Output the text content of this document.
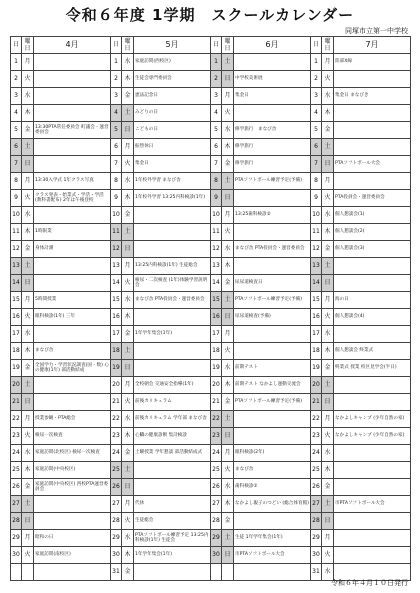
令和６年度 1学期　スクールカレンダー
同塚市立第一中学校
日	曜日	4月	日	曜日	5月	日	曜日	6月	日	曜日	7月
1	月		1	水	家庭訪問(西校区)	1	土		1	月	陸部X線
2	火		2	木	生徒会専門委員会	2	日	中学校美術展	2	火	
3	水		3	金	憲法記念日	3	月	集金日	3	水	集金日 まなびき
4	木		4	土	みどりの日	4	火		4	木	
5	金	13:30PTA常任委員会 町議会・運営委員会	5	日	こどもの日	5	水	修学旅行　まなび舎	5	金	
6	土		6	月	振替休日	6	木	修学旅行	6	土	
7	日		7	火	集金日	7	金	修学旅行	7	日	PTAソフトボール大会
8	月	13:30入学式 1年クラス写真	8	水	1年校外学習 まなび舎	8	土	PTAソフトボール練習予定(予備)	8	月	
9	火	クラス発表・始業式・学活・学活(教科書配布) 2年は午後登校	9	木	1年校外学習 13:25内科検診(1年)	9	日		9	火	PTA役員会・運営委員会
10	水		10	金		10	月	13:25歯科検診②	10	水	個人懇談会(1)
11	木	1時限業	11	土		11	火		11	木	個人懇談会(2)
12	金	身体計測	12	日		12	水	まなび舎 PTA役員会・運営委員会	12	金	個人懇談会(3)
13	土		13	月	13:25内科検診(1年) 生徒総会	13	木		13	土	
14	日		14	火	検尿・二次検査 (1年)体験学習説明会	14	金	尿尿道検査日	14	日	
15	月	5時間授業	15	水	まなび舎 PTA役員会・運営委員会	15	土	PTAソフトボール練習予定(予備)	15	月	海の日
16	火	眼科検診(1年) 三年	16	木		16	日	尿尿道検査(予備)	16	火	個人懇談会(4)
17	水		17	金	1年学年集会(1年)	17	月		17	水	
18	木	まなび舎	18	土		18	火		18	木	個人懇談会 終業式
19	金	全国学力・学習状況調査(国・数) 心の健康(1年) 部活動結成	19	日		19	水	前期テスト	19	金	終業式 授業 校区見学会(半日)
20	土		20	月	全校朝会 交通安全指導(1年)	20	木	前期テスト なかよし運動交流会	20	土	
21	日		21	火	前後カリキュラム	21	金	PTAソフトボール練習予定(予備)	21	日	
22	月	授業参観・PTA総会	22	水	前後カリキュラム 学年部 まなび舎	22	土		22	月	なかよしキャンプ (少年自然の家)
23	火	検尿一次検査	23	木	心臓の健康診断 集計検診	23	日		23	火	なかよしキャンプ (少年自然の家)
24	水	家庭訪問(北校区) 検尿一次検査	24	金	土曜授業 学年懇談 部活動結成式	24	月	眼科検診(2年)	24	水	
25	木	家庭訪問(中央校区)	25	土		25	火	まなび舎	25	木	
26	金	家庭訪問(中央校区) 西校PTA運営委員会	26	日		26	水	歯科検診②	26	金	
27	土		27	月	代休	27	木	なかよし親子のつどい (総合体育館)	27	土	市PTAソフトボール大会
28	日		28	火	生徒総会	28	金		28	日	
29	月	昭和の日	29	水	PTAソフトボール練習予定 13:25内科検診(1年) 生徒会	29	土	生徒 1年学年集会(1年)	29	月	
30	火	家庭訪問(南校区)	30	木	1年学年集会(1年)	30	日	市PTAソフトボール大会	30	火	
			31	金					31	水	
令和６年４月１０日発行
